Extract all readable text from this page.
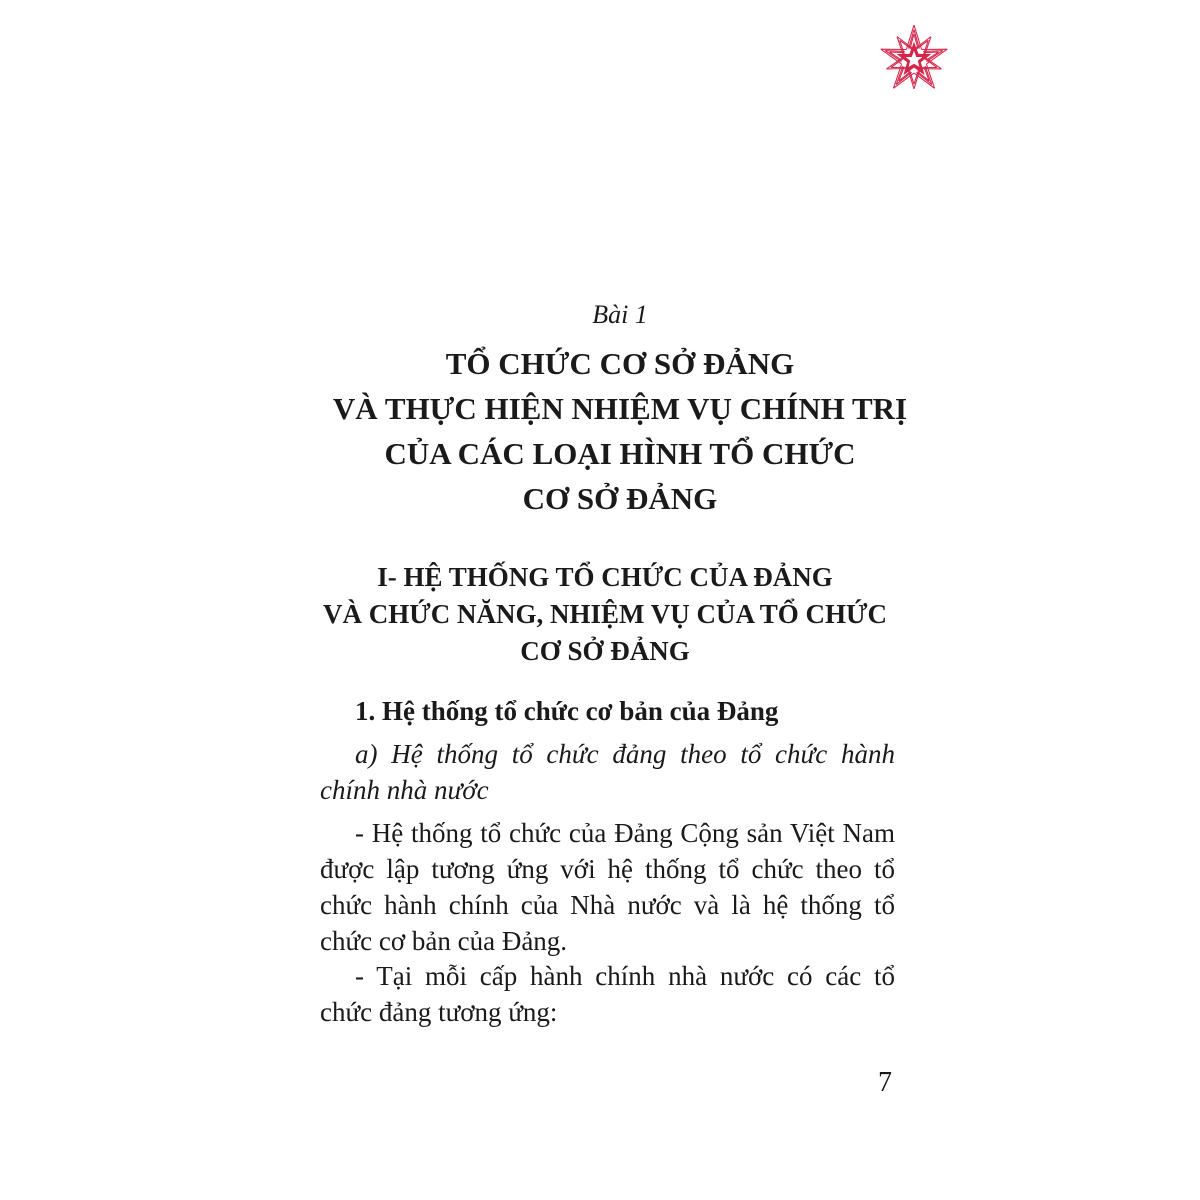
Bài 1
TỔ CHỨC CƠ SỞ ĐẢNG
VÀ THỰC HIỆN NHIỆM VỤ CHÍNH TRỊ
CỦA CÁC LOẠI HÌNH TỔ CHỨC
CƠ SỞ ĐẢNG
I- HỆ THỐNG TỔ CHỨC CỦA ĐẢNG
VÀ CHỨC NĂNG, NHIỆM VỤ CỦA TỔ CHỨC
CƠ SỞ ĐẢNG
1. Hệ thống tổ chức cơ bản của Đảng

a) Hệ thống tổ chức đảng theo tổ chức hành
chính nhà nước

- Hệ thống tổ chức của Đảng Cộng sản Việt Nam
được lập tương ứng với hệ thống tổ chức theo tổ
chức hành chính của Nhà nước và là hệ thống tổ
chức cơ bản của Đảng.

- Tại mỗi cấp hành chính nhà nước có các tổ
chức đảng tương ứng:

7
